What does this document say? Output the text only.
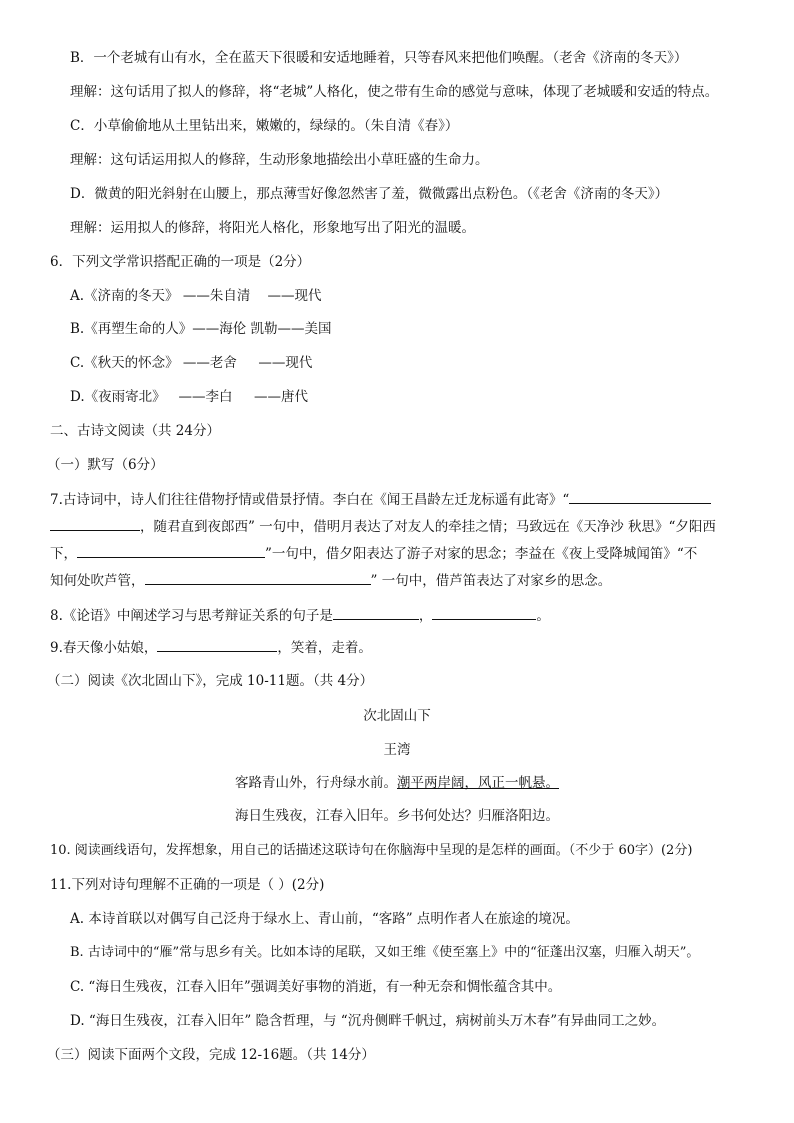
B．一个老城有山有水，全在蓝天下很暖和安适地睡着，只等春风来把他们唤醒。（老舍《济南的冬天》）
理解：这句话用了拟人的修辞，将“老城”人格化，使之带有生命的感觉与意味，体现了老城暖和安适的特点。
C．小草偷偷地从土里钻出来，嫩嫩的，绿绿的。（朱自清《春》）
理解：这句话运用拟人的修辞，生动形象地描绘出小草旺盛的生命力。
D．微黄的阳光斜射在山腰上，那点薄雪好像忽然害了羞，微微露出点粉色。（《老舍《济南的冬天》）
理解：运用拟人的修辞，将阳光人格化，形象地写出了阳光的温暖。
6．下列文学常识搭配正确的一项是（2分）
A.《济南的冬天》 ——朱自清    ——现代
B.《再塑生命的人》——海伦 凯勒——美国
C.《秋天的怀念》 ——老舍     ——现代
D.《夜雨寄北》   ——李白     ——唐代
二、古诗文阅读（共 24分）
（一）默写（6分）
7.古诗词中，诗人们往往借物抒情或借景抒情。李白在《闻王昌龄左迁龙标遥有此寄》“
，随君直到夜郎西” 一句中，借明月表达了对友人的牵挂之情；马致远在《天净沙 秋思》“夕阳西
下，	”一句中，借夕阳表达了游子对家的思念；李益在《夜上受降城闻笛》“不
知何处吹芦管，	” 一句中，借芦笛表达了对家乡的思念。
8.《论语》中阐述学习与思考辩证关系的句子是	，	。
9.春天像小姑娘，	，笑着，走着。
（二）阅读《次北固山下》，完成 10-11题。（共 4分）
次北固山下
王湾
客路青山外，行舟绿水前。潮平两岸阔，风正一帆悬。
海日生残夜，江春入旧年。乡书何处达？归雁洛阳边。
10. 阅读画线语句，发挥想象，用自己的话描述这联诗句在你脑海中呈现的是怎样的画面。（不少于 60字）(2分)
11.下列对诗句理解不正确的一项是（ ）(2分)
A. 本诗首联以对偶写自己泛舟于绿水上、青山前，“客路” 点明作者人在旅途的境况。
B. 古诗词中的“雁”常与思乡有关。比如本诗的尾联，又如王维《使至塞上》中的“征蓬出汉塞，归雁入胡天”。
C. “海日生残夜，江春入旧年”强调美好事物的消逝，有一种无奈和惆怅蕴含其中。
D. “海日生残夜，江春入旧年” 隐含哲理，与 “沉舟侧畔千帆过，病树前头万木春”有异曲同工之妙。
（三）阅读下面两个文段，完成 12-16题。（共 14分）
